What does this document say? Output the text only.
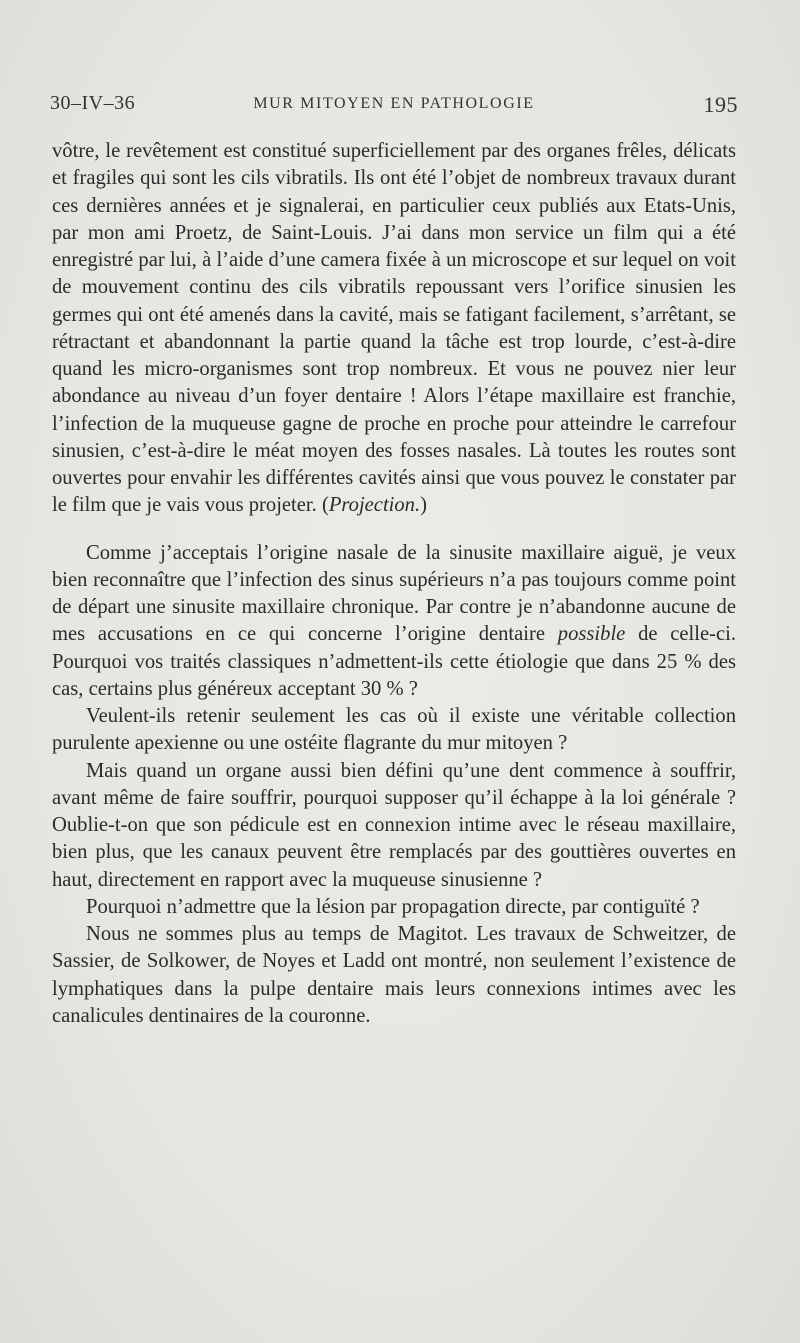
30–IV–36	MUR MITOYEN EN PATHOLOGIE	195

vôtre, le revêtement est constitué superficiellement par des organes frêles, délicats et fragiles qui sont les cils vibratils. Ils ont été l’objet de nombreux travaux durant ces dernières années et je signalerai, en particulier ceux publiés aux Etats-Unis, par mon ami Proetz, de Saint-Louis. J’ai dans mon service un film qui a été enregistré par lui, à l’aide d’une camera fixée à un microscope et sur lequel on voit de mouvement continu des cils vibratils repoussant vers l’orifice sinusien les germes qui ont été amenés dans la cavité, mais se fatigant facilement, s’arrêtant, se rétractant et abandonnant la partie quand la tâche est trop lourde, c’est-à-dire quand les micro-organismes sont trop nombreux. Et vous ne pouvez nier leur abondance au niveau d’un foyer dentaire ! Alors l’étape maxillaire est franchie, l’infection de la muqueuse gagne de proche en proche pour atteindre le carrefour sinusien, c’est-à-dire le méat moyen des fosses nasales. Là toutes les routes sont ouvertes pour envahir les différentes cavités ainsi que vous pouvez le constater par le film que je vais vous projeter. (Projection.)

Comme j’acceptais l’origine nasale de la sinusite maxillaire aiguë, je veux bien reconnaître que l’infection des sinus supérieurs n’a pas toujours comme point de départ une sinusite maxillaire chronique. Par contre je n’abandonne aucune de mes accusations en ce qui concerne l’origine dentaire possible de celle-ci. Pourquoi vos traités classiques n’admettent-ils cette étiologie que dans 25 % des cas, certains plus généreux acceptant 30 % ?

Veulent-ils retenir seulement les cas où il existe une véritable collection purulente apexienne ou une ostéite flagrante du mur mitoyen ?

Mais quand un organe aussi bien défini qu’une dent commence à souffrir, avant même de faire souffrir, pourquoi supposer qu’il échappe à la loi générale ? Oublie-t-on que son pédicule est en connexion intime avec le réseau maxillaire, bien plus, que les canaux peuvent être remplacés par des gouttières ouvertes en haut, directement en rapport avec la muqueuse sinusienne ?

Pourquoi n’admettre que la lésion par propagation directe, par contiguïté ?

Nous ne sommes plus au temps de Magitot. Les travaux de Schweitzer, de Sassier, de Solkower, de Noyes et Ladd ont montré, non seulement l’existence de lymphatiques dans la pulpe dentaire mais leurs connexions intimes avec les canalicules dentinaires de la couronne.
